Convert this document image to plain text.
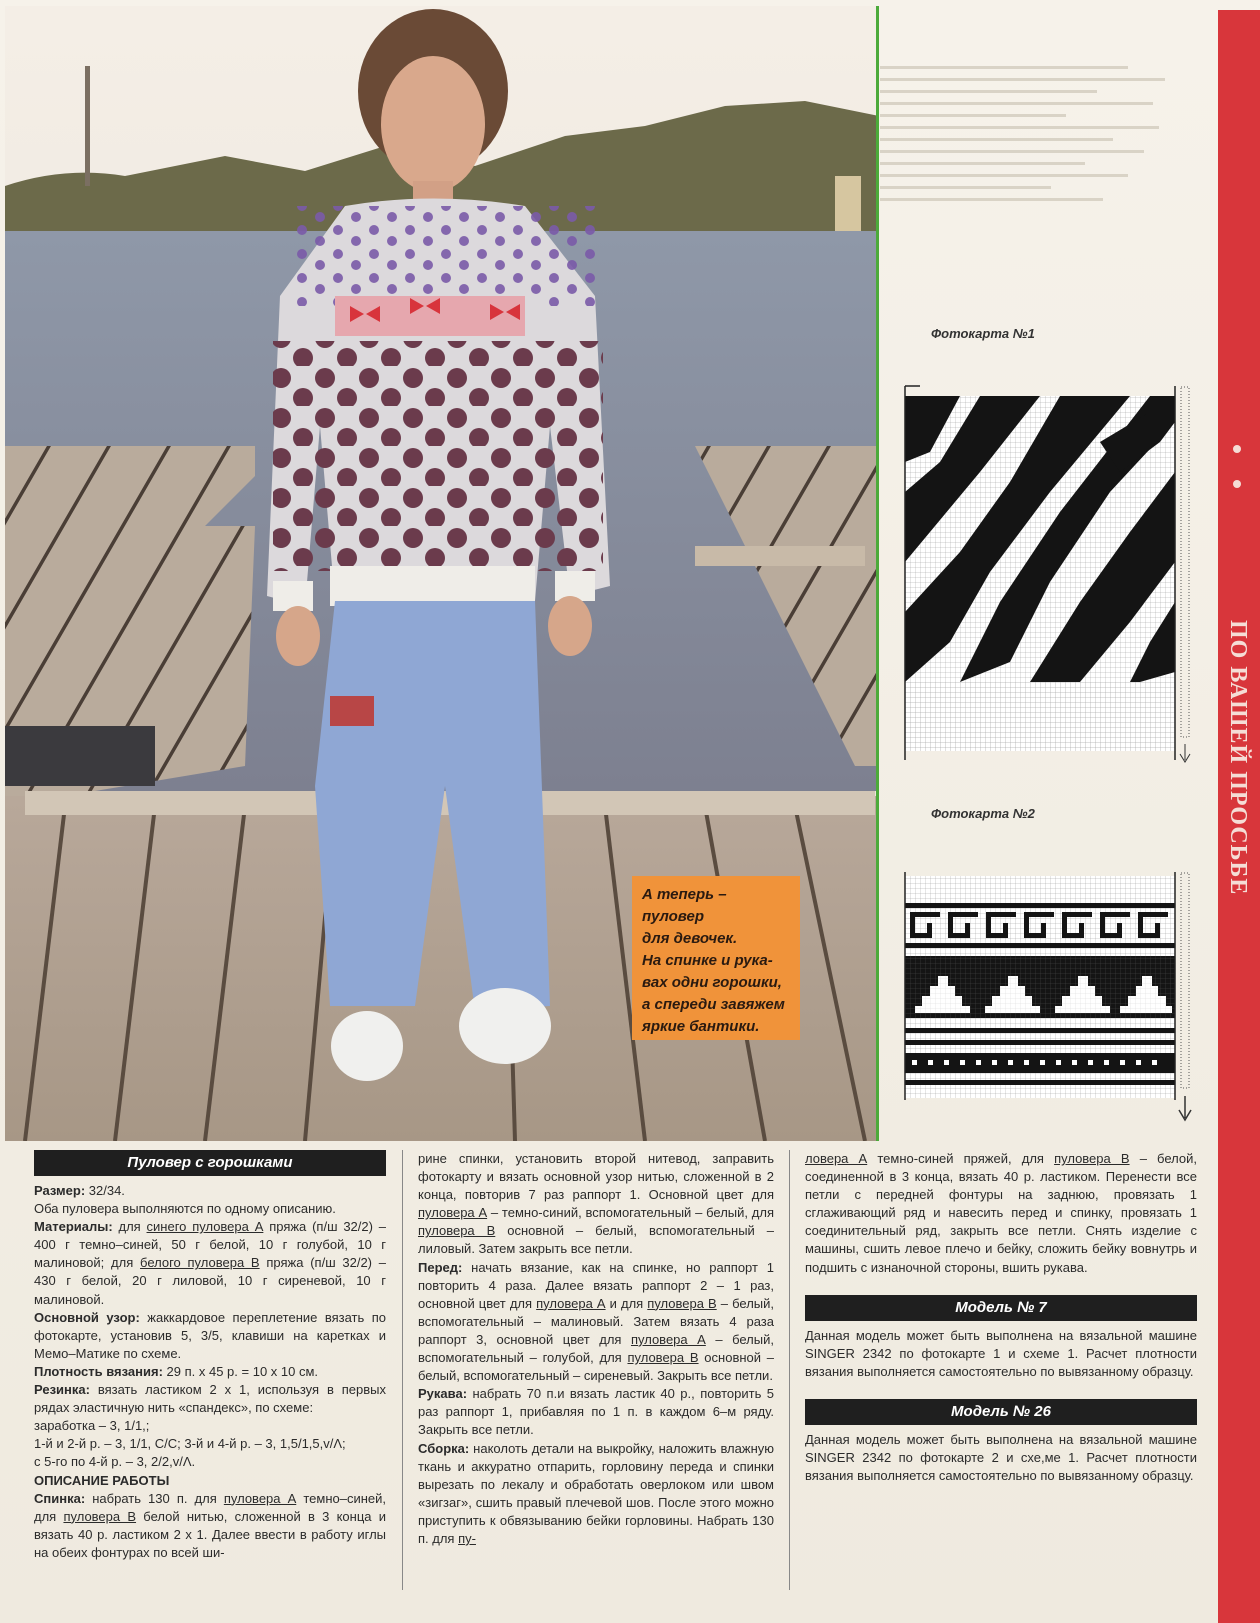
А теперь – пуловер
для девочек.
На спинке и рука-
вах одни горошки,
а спереди завяжем
яркие бантики.
Фотокарта №1
Фотокарта №2	ПО ВАШЕЙ ПРОСЬБЕ
Пуловер с горошками

Размер: 32/34.

Оба пуловера выполняются по одному описанию.

Материалы: для синего пуловера А пряжа (п/ш 32/2) – 400 г темно–синей, 50 г белой, 10 г голубой, 10 г малиновой; для белого пуловера В пряжа (п/ш 32/2) – 430 г белой, 20 г лиловой, 10 г сиреневой, 10 г малиновой.

Основной узор: жаккардовое переплетение вязать по фотокарте, установив 5, 3/5, клавиши на каретках и Мемо–Матике по схеме.

Плотность вязания: 29 п. х 45 р. = 10 х 10 см.

Резинка: вязать ластиком 2 х 1, используя в первых рядах эластичную нить «спандекс», по схеме:

заработка – 3, 1/1,;

1-й и 2-й р. – 3, 1/1, С/С; 3-й и 4-й р. – 3, 1,5/1,5,v/Λ;

с 5-го по 4-й р. – 3, 2/2,v/Λ.

ОПИСАНИЕ РАБОТЫ

Спинка: набрать 130 п. для пуловера А темно–синей, для пуловера В белой нитью, сложенной в 3 конца и вязать 40 р. ластиком 2 х 1. Далее ввести в работу иглы на обеих фонтурах по всей ши-

рине спинки, установить второй нитевод, заправить фотокарту и вязать основной узор нитью, сложенной в 2 конца, повторив 7 раз раппорт 1. Основной цвет для пуловера А – темно-синий, вспомогательный – белый, для пуловера В основной – белый, вспомогательный – лиловый. Затем закрыть все петли.

Перед: начать вязание, как на спинке, но раппорт 1 повторить 4 раза. Далее вязать раппорт 2 – 1 раз, основной цвет для пуловера А и для пуловера В – белый, вспомогательный – малиновый. Затем вязать 4 раза раппорт 3, основной цвет для пуловера А – белый, вспомогательный – голубой, для пуловера В основной – белый, вспомогательный – сиреневый. Закрыть все петли.

Рукава: набрать 70 п.и вязать ластик 40 р., повторить 5 раз раппорт 1, прибавляя по 1 п. в каждом 6–м ряду. Закрыть все петли.

Сборка: наколоть детали на выкройку, наложить влажную ткань и аккуратно отпарить, горловину переда и спинки вырезать по лекалу и обработать оверлоком или швом «зигзаг», сшить правый плечевой шов. После этого можно приступить к обвязыванию бейки горловины. Набрать 130 п. для пу-

ловера А темно-синей пряжей, для пуловера В – белой, соединенной в 3 конца, вязать 40 р. ластиком. Перенести все петли с передней фонтуры на заднюю, провязать 1 сглаживающий ряд и навесить перед и спинку, провязать 1 соединительный ряд, закрыть все петли. Снять изделие с машины, сшить левое плечо и бейку, сложить бейку вовнутрь и подшить с изнаночной стороны, вшить рукава.

Модель № 7

Данная модель может быть выполнена на вязальной машине SINGER 2342 по фотокарте 1 и схеме 1. Расчет плотности вязания выполняется самостоятельно по вывязанному образцу.

Модель № 26

Данная модель может быть выполнена на вязальной машине SINGER 2342 по фотокарте 2 и схе,ме 1. Расчет плотности вязания выполняется самостоятельно по вывязанному образцу.
